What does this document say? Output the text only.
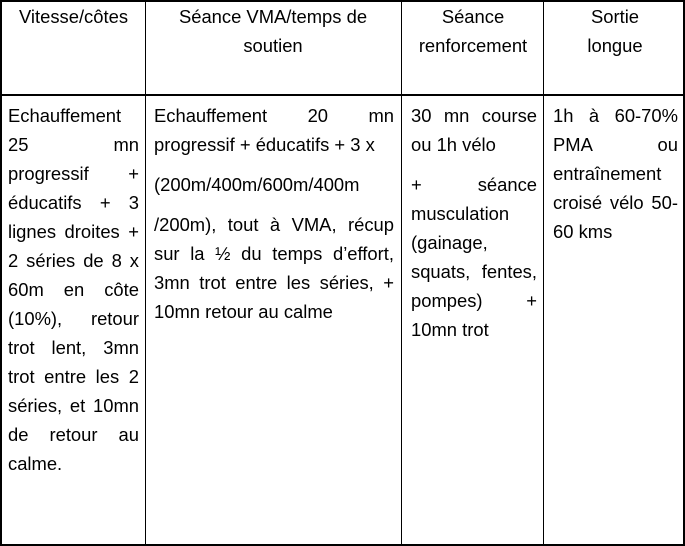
Vitesse/côtes	Séance VMA/temps de soutien
Séance renforcement
Sortie longue

Echauffement 25 mn progressif + éducatifs + 3 lignes droites + 2 séries de 8 x 60m en côte (10%), retour trot lent, 3mn trot entre les 2 séries, et 10mn de retour au calme.

Echauffement 20 mn progressif + éducatifs + 3 x

(200m/400m/600m/400m

/200m), tout à VMA, récup sur la ½ du temps d’effort, 3mn trot entre les séries, + 10mn retour au calme

30 mn course ou 1h vélo

+ séance musculation (gainage, squats, fentes, pompes) + 10mn trot

1h à 60-70% PMA ou entraînement croisé vélo 50-60 kms
